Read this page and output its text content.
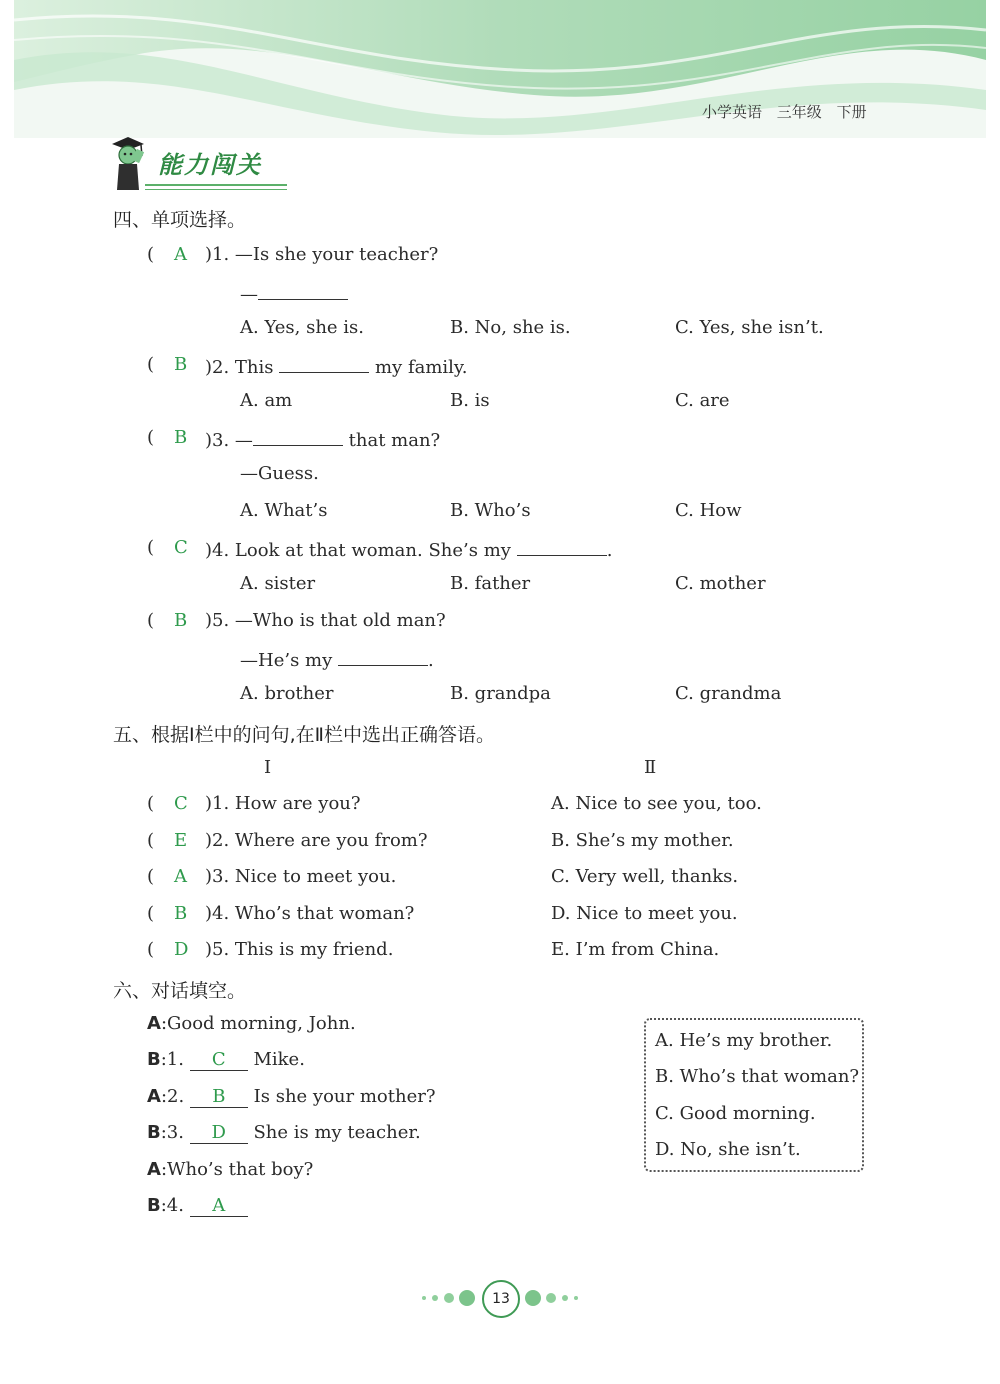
小学英语 三年级 下册
能力闯关
四、单项选择。
( A )1. —Is she your teacher?
—
A. Yes, she is.	B. No, she is.	C. Yes, she isn’t.
( B )2. This	my family.
A. am	B. is	C. are
( B )3. —	that man?
—Guess.
A. What’s	B. Who’s	C. How
( C )4. Look at that woman. She’s my	.
A. sister	B. father	C. mother
( B )5. —Who is that old man?
—He’s my	.
A. brother	B. grandpa	C. grandma
五、根据Ⅰ栏中的问句,在Ⅱ栏中选出正确答语。
Ⅰ	Ⅱ
( C )1. How are you?	A. Nice to see you, too.
( E )2. Where are you from?	B. She’s my mother.
( A )3. Nice to meet you.	C. Very well, thanks.
( B )4. Who’s that woman?	D. Nice to meet you.
( D )5. This is my friend.	E. I’m from China.
六、对话填空。
A:Good morning, John.
B:1. C Mike.
A:2. B Is she your mother?
B:3. D She is my teacher.
A:Who’s that boy?
B:4. A
A. He’s my brother.
B. Who’s that woman?
C. Good morning.
D. No, she isn’t.
13
